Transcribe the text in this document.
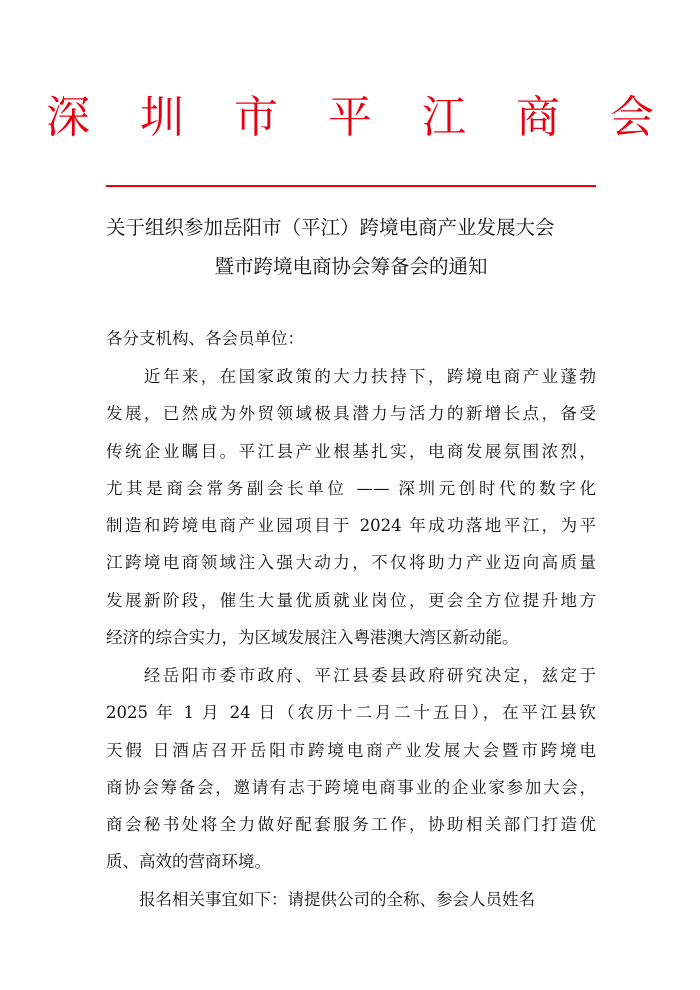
深 圳 市 平 江 商 会
关于组织参加岳阳市（平江）跨境电商产业发展大会
暨市跨境电商协会筹备会的通知
各分支机构、各会员单位：
　　近年来，在国家政策的大力扶持下，跨境电商产业蓬勃
发展，已然成为外贸领域极具潜力与活力的新增长点，备受
传统企业瞩目。平江县产业根基扎实，电商发展氛围浓烈，
尤其是商会常务副会长单位 —— 深圳元创时代的数字化
制造和跨境电商产业园项目于 2024 年成功落地平江，为平
江跨境电商领域注入强大动力，不仅将助力产业迈向高质量
发展新阶段，催生大量优质就业岗位，更会全方位提升地方
经济的综合实力，为区域发展注入粤港澳大湾区新动能。
　　经岳阳市委市政府、平江县委县政府研究决定，兹定于
2025 年 1 月 24 日（农历十二月二十五日），在平江县钦
天假 日酒店召开岳阳市跨境电商产业发展大会暨市跨境电
商协会筹备会，邀请有志于跨境电商事业的企业家参加大会，
商会秘书处将全力做好配套服务工作，协助相关部门打造优
质、高效的营商环境。
　　报名相关事宜如下：请提供公司的全称、参会人员姓名
